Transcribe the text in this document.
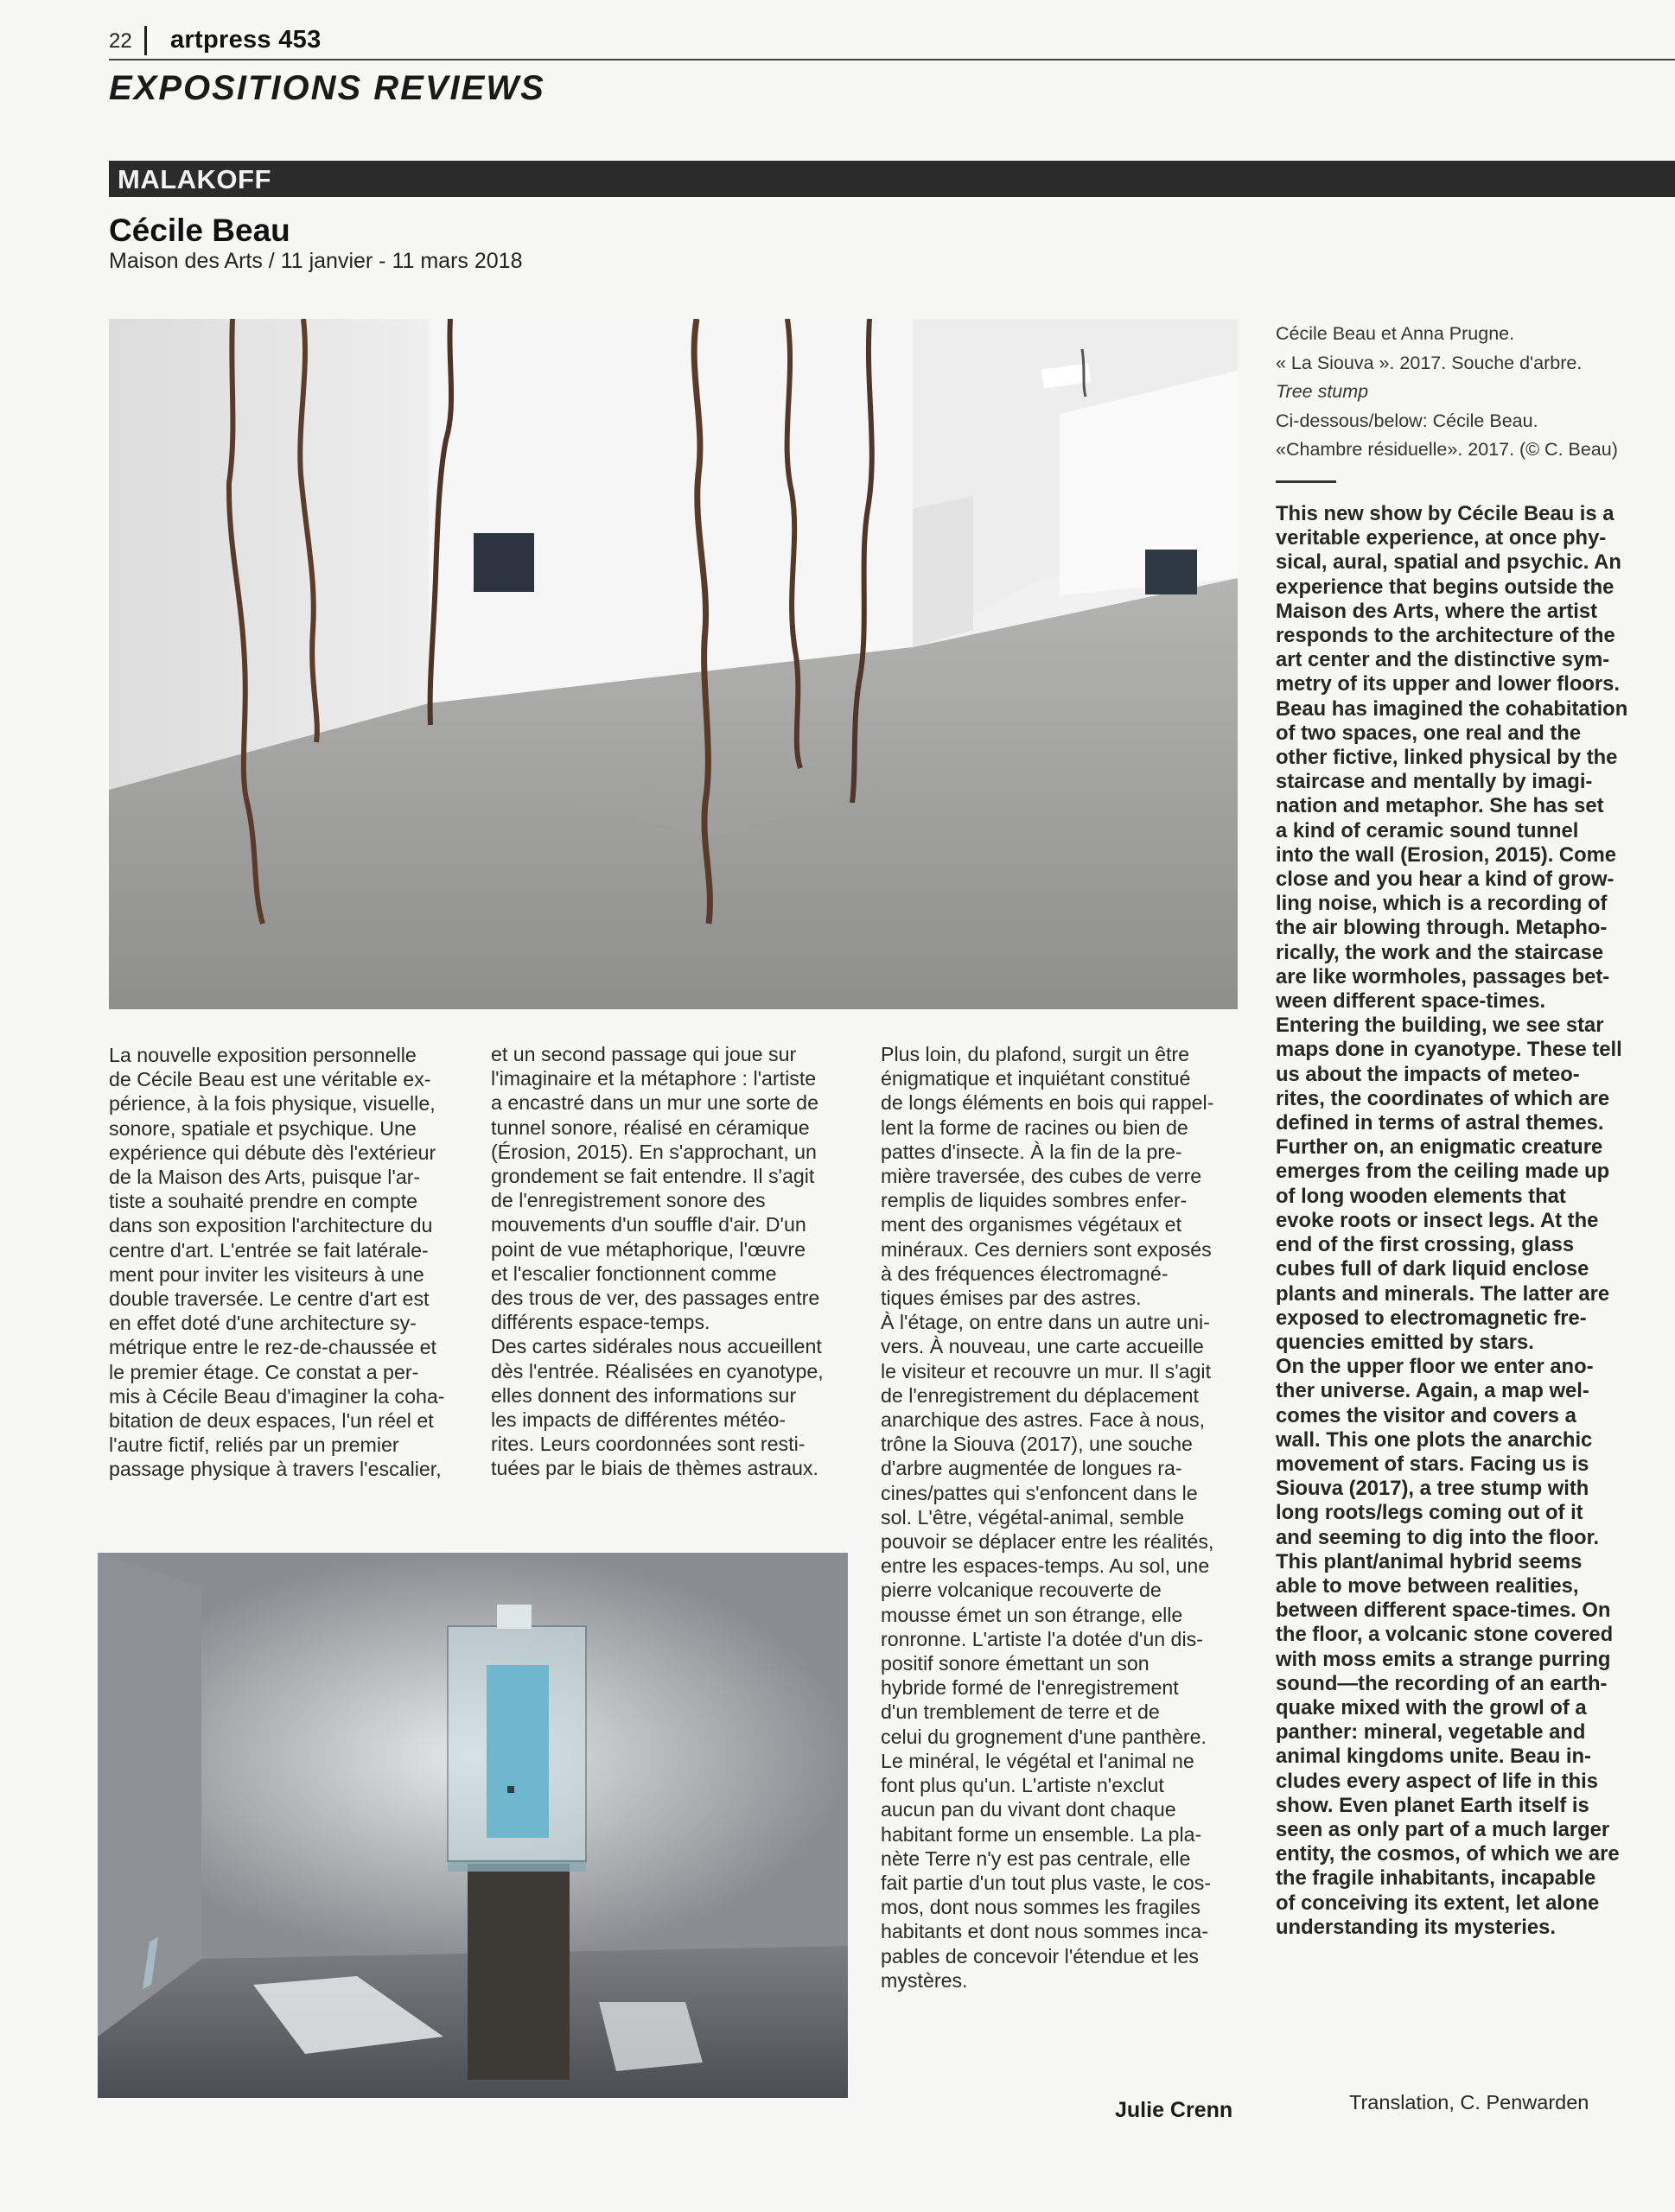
22 artpress 453
EXPOSITIONS REVIEWS
MALAKOFF
Cécile Beau
Maison des Arts / 11 janvier - 11 mars 2018
Cécile Beau et Anna Prugne.
« La Siouva ». 2017. Souche d'arbre.
Tree stump
Ci-dessous/below: Cécile Beau.
«Chambre résiduelle». 2017. (© C. Beau)
This new show by Cécile Beau is a
veritable experience, at once phy-
sical, aural, spatial and psychic. An
experience that begins outside the
Maison des Arts, where the artist
responds to the architecture of the
art center and the distinctive sym-
metry of its upper and lower floors.
Beau has imagined the cohabitation
of two spaces, one real and the
other fictive, linked physical by the
staircase and mentally by imagi-
nation and metaphor. She has set
a kind of ceramic sound tunnel
into the wall (Erosion, 2015). Come
close and you hear a kind of grow-
ling noise, which is a recording of
the air blowing through. Metapho-
rically, the work and the staircase
are like wormholes, passages bet-
ween different space-times.
Entering the building, we see star
maps done in cyanotype. These tell
us about the impacts of meteo-
rites, the coordinates of which are
defined in terms of astral themes.
Further on, an enigmatic creature
emerges from the ceiling made up
of long wooden elements that
evoke roots or insect legs. At the
end of the first crossing, glass
cubes full of dark liquid enclose
plants and minerals. The latter are
exposed to electromagnetic fre-
quencies emitted by stars.
On the upper floor we enter ano-
ther universe. Again, a map wel-
comes the visitor and covers a
wall. This one plots the anarchic
movement of stars. Facing us is
Siouva (2017), a tree stump with
long roots/legs coming out of it
and seeming to dig into the floor.
This plant/animal hybrid seems
able to move between realities,
between different space-times. On
the floor, a volcanic stone covered
with moss emits a strange purring
sound—the recording of an earth-
quake mixed with the growl of a
panther: mineral, vegetable and
animal kingdoms unite. Beau in-
cludes every aspect of life in this
show. Even planet Earth itself is
seen as only part of a much larger
entity, the cosmos, of which we are
the fragile inhabitants, incapable
of conceiving its extent, let alone
understanding its mysteries.
La nouvelle exposition personnelle
de Cécile Beau est une véritable ex-
périence, à la fois physique, visuelle,
sonore, spatiale et psychique. Une
expérience qui débute dès l'extérieur
de la Maison des Arts, puisque l'ar-
tiste a souhaité prendre en compte
dans son exposition l'architecture du
centre d'art. L'entrée se fait latérale-
ment pour inviter les visiteurs à une
double traversée. Le centre d'art est
en effet doté d'une architecture sy-
métrique entre le rez-de-chaussée et
le premier étage. Ce constat a per-
mis à Cécile Beau d'imaginer la coha-
bitation de deux espaces, l'un réel et
l'autre fictif, reliés par un premier
passage physique à travers l'escalier,
et un second passage qui joue sur
l'imaginaire et la métaphore : l'artiste
a encastré dans un mur une sorte de
tunnel sonore, réalisé en céramique
(Érosion, 2015). En s'approchant, un
grondement se fait entendre. Il s'agit
de l'enregistrement sonore des
mouvements d'un souffle d'air. D'un
point de vue métaphorique, l'œuvre
et l'escalier fonctionnent comme
des trous de ver, des passages entre
différents espace-temps.
Des cartes sidérales nous accueillent
dès l'entrée. Réalisées en cyanotype,
elles donnent des informations sur
les impacts de différentes météo-
rites. Leurs coordonnées sont resti-
tuées par le biais de thèmes astraux.
Plus loin, du plafond, surgit un être
énigmatique et inquiétant constitué
de longs éléments en bois qui rappel-
lent la forme de racines ou bien de
pattes d'insecte. À la fin de la pre-
mière traversée, des cubes de verre
remplis de liquides sombres enfer-
ment des organismes végétaux et
minéraux. Ces derniers sont exposés
à des fréquences électromagné-
tiques émises par des astres.
À l'étage, on entre dans un autre uni-
vers. À nouveau, une carte accueille
le visiteur et recouvre un mur. Il s'agit
de l'enregistrement du déplacement
anarchique des astres. Face à nous,
trône la Siouva (2017), une souche
d'arbre augmentée de longues ra-
cines/pattes qui s'enfoncent dans le
sol. L'être, végétal-animal, semble
pouvoir se déplacer entre les réalités,
entre les espaces-temps. Au sol, une
pierre volcanique recouverte de
mousse émet un son étrange, elle
ronronne. L'artiste l'a dotée d'un dis-
positif sonore émettant un son
hybride formé de l'enregistrement
d'un tremblement de terre et de
celui du grognement d'une panthère.
Le minéral, le végétal et l'animal ne
font plus qu'un. L'artiste n'exclut
aucun pan du vivant dont chaque
habitant forme un ensemble. La pla-
nète Terre n'y est pas centrale, elle
fait partie d'un tout plus vaste, le cos-
mos, dont nous sommes les fragiles
habitants et dont nous sommes inca-
pables de concevoir l'étendue et les
mystères.
Julie Crenn	Translation, C. Penwarden
